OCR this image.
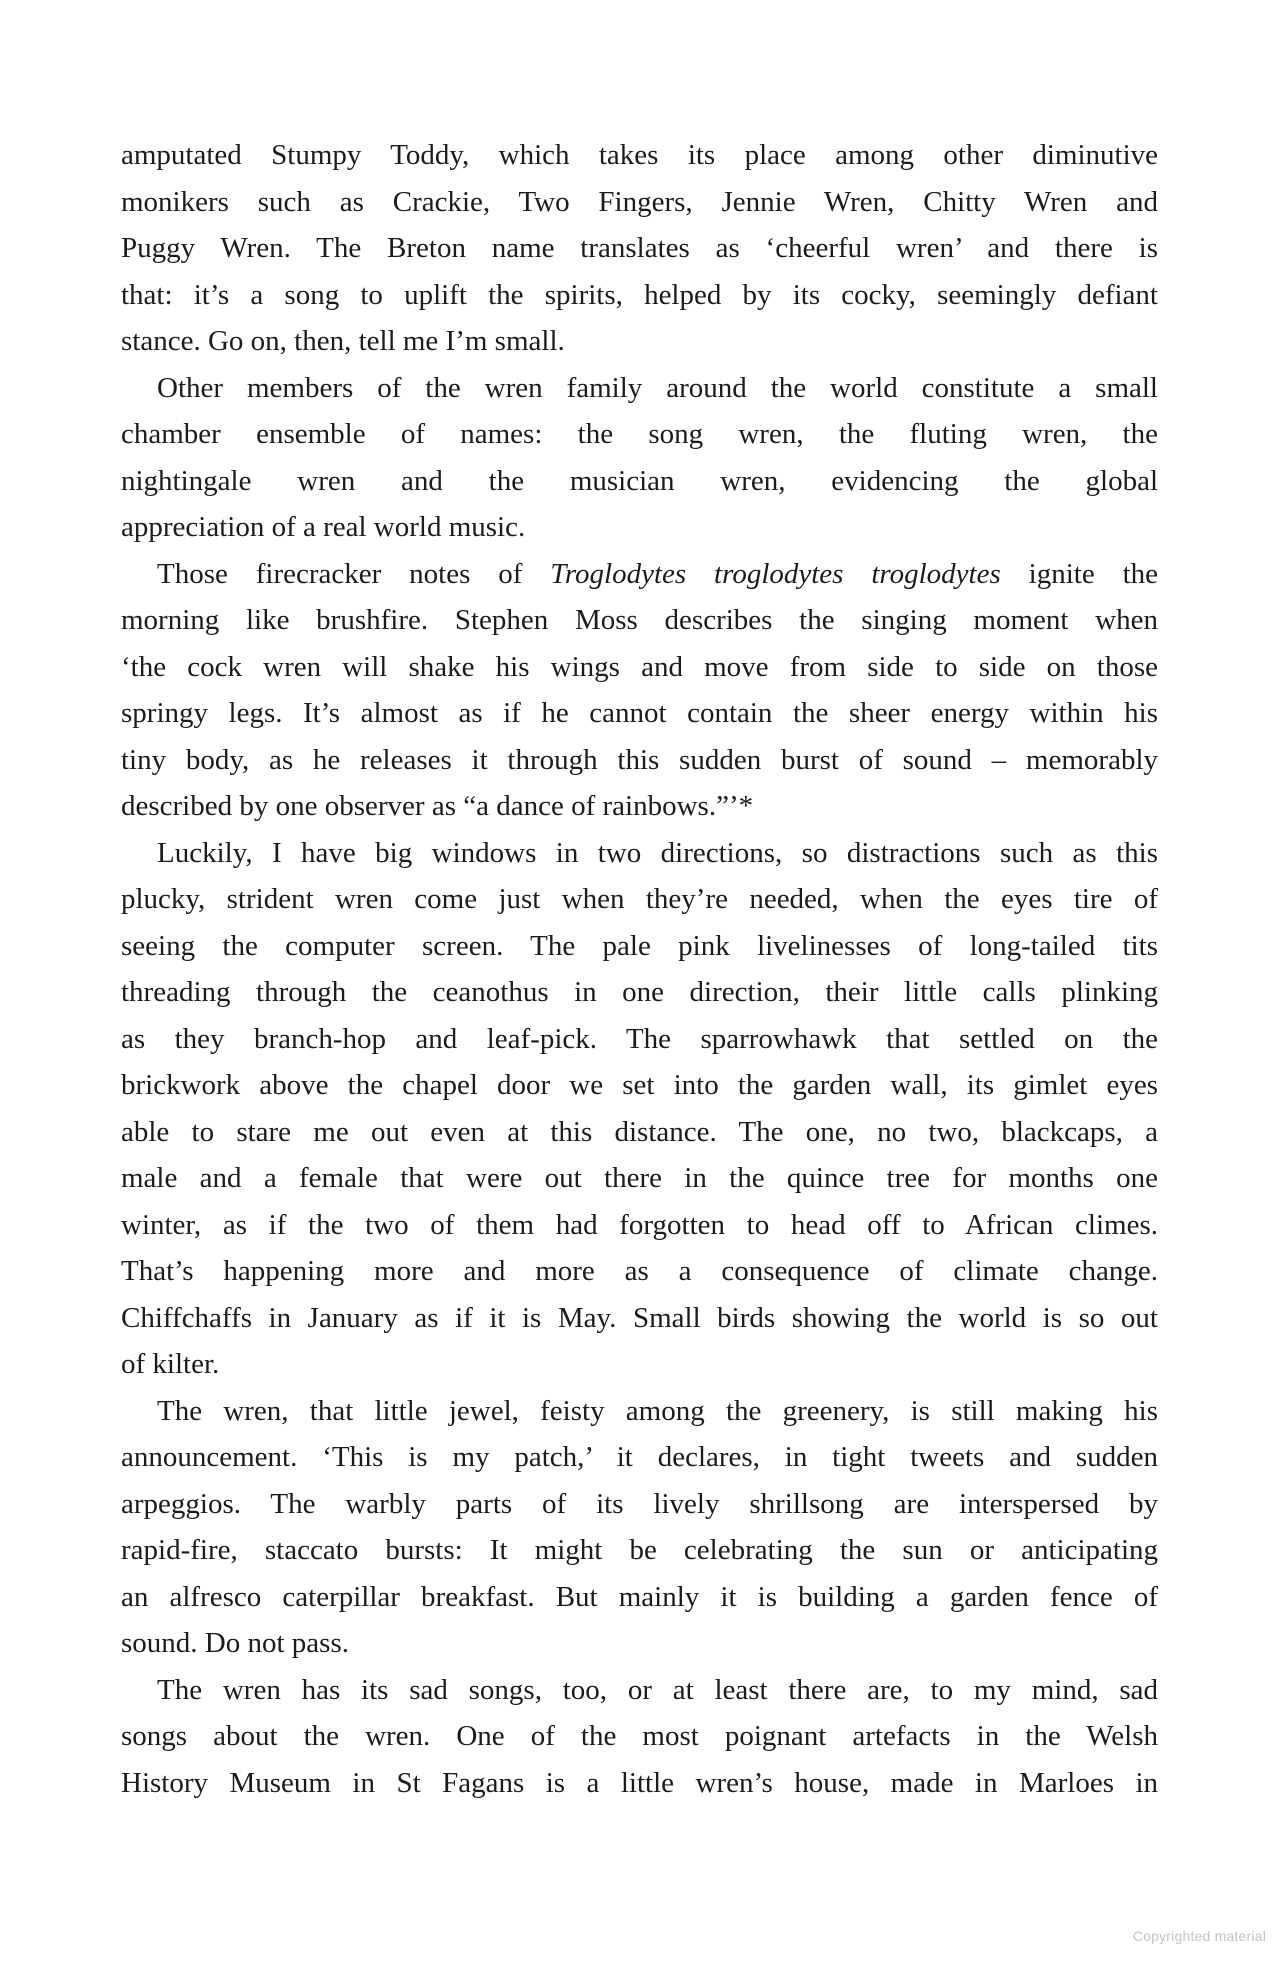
amputated Stumpy Toddy, which takes its place among other diminutive
monikers such as Crackie, Two Fingers, Jennie Wren, Chitty Wren and
Puggy Wren. The Breton name translates as ‘cheerful wren’ and there is
that: it’s a song to uplift the spirits, helped by its cocky, seemingly defiant
stance. Go on, then, tell me I’m small.
Other members of the wren family around the world constitute a small
chamber ensemble of names: the song wren, the fluting wren, the
nightingale wren and the musician wren, evidencing the global
appreciation of a real world music.
Those firecracker notes of Troglodytes troglodytes troglodytes ignite the
morning like brushfire. Stephen Moss describes the singing moment when
‘the cock wren will shake his wings and move from side to side on those
springy legs. It’s almost as if he cannot contain the sheer energy within his
tiny body, as he releases it through this sudden burst of sound – memorably
described by one observer as “a dance of rainbows.”’*
Luckily, I have big windows in two directions, so distractions such as this
plucky, strident wren come just when they’re needed, when the eyes tire of
seeing the computer screen. The pale pink livelinesses of long-tailed tits
threading through the ceanothus in one direction, their little calls plinking
as they branch-hop and leaf-pick. The sparrowhawk that settled on the
brickwork above the chapel door we set into the garden wall, its gimlet eyes
able to stare me out even at this distance. The one, no two, blackcaps, a
male and a female that were out there in the quince tree for months one
winter, as if the two of them had forgotten to head off to African climes.
That’s happening more and more as a consequence of climate change.
Chiffchaffs in January as if it is May. Small birds showing the world is so out
of kilter.
The wren, that little jewel, feisty among the greenery, is still making his
announcement. ‘This is my patch,’ it declares, in tight tweets and sudden
arpeggios. The warbly parts of its lively shrillsong are interspersed by
rapid-fire, staccato bursts: It might be celebrating the sun or anticipating
an alfresco caterpillar breakfast. But mainly it is building a garden fence of
sound. Do not pass.
The wren has its sad songs, too, or at least there are, to my mind, sad
songs about the wren. One of the most poignant artefacts in the Welsh
History Museum in St Fagans is a little wren’s house, made in Marloes in
Copyrighted material
